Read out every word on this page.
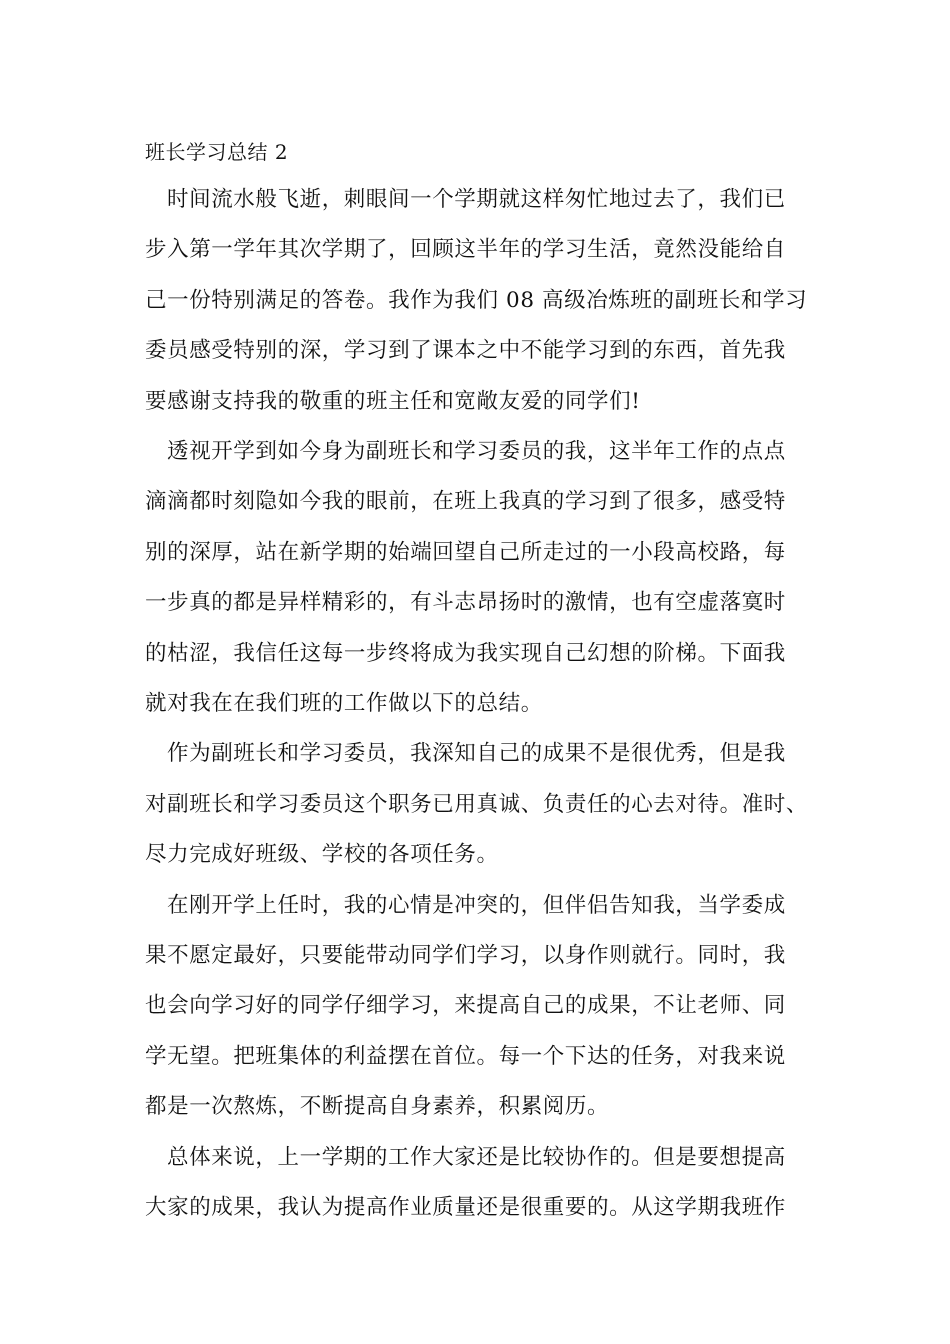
班长学习总结 2
时间流水般飞逝，刺眼间一个学期就这样匆忙地过去了，我们已
步入第一学年其次学期了，回顾这半年的学习生活，竟然没能给自
己一份特别满足的答卷。我作为我们 08 高级冶炼班的副班长和学习
委员感受特别的深，学习到了课本之中不能学习到的东西，首先我
要感谢支持我的敬重的班主任和宽敞友爱的同学们!
透视开学到如今身为副班长和学习委员的我，这半年工作的点点
滴滴都时刻隐如今我的眼前，在班上我真的学习到了很多，感受特
别的深厚，站在新学期的始端回望自己所走过的一小段高校路，每
一步真的都是异样精彩的，有斗志昂扬时的激情，也有空虚落寞时
的枯涩，我信任这每一步终将成为我实现自己幻想的阶梯。下面我
就对我在在我们班的工作做以下的总结。
作为副班长和学习委员，我深知自己的成果不是很优秀，但是我
对副班长和学习委员这个职务已用真诚、负责任的心去对待。准时、
尽力完成好班级、学校的各项任务。
在刚开学上任时，我的心情是冲突的，但伴侣告知我，当学委成
果不愿定最好，只要能带动同学们学习，以身作则就行。同时，我
也会向学习好的同学仔细学习，来提高自己的成果，不让老师、同
学无望。把班集体的利益摆在首位。每一个下达的任务，对我来说
都是一次熬炼，不断提高自身素养，积累阅历。
总体来说，上一学期的工作大家还是比较协作的。但是要想提高
大家的成果，我认为提高作业质量还是很重要的。从这学期我班作
